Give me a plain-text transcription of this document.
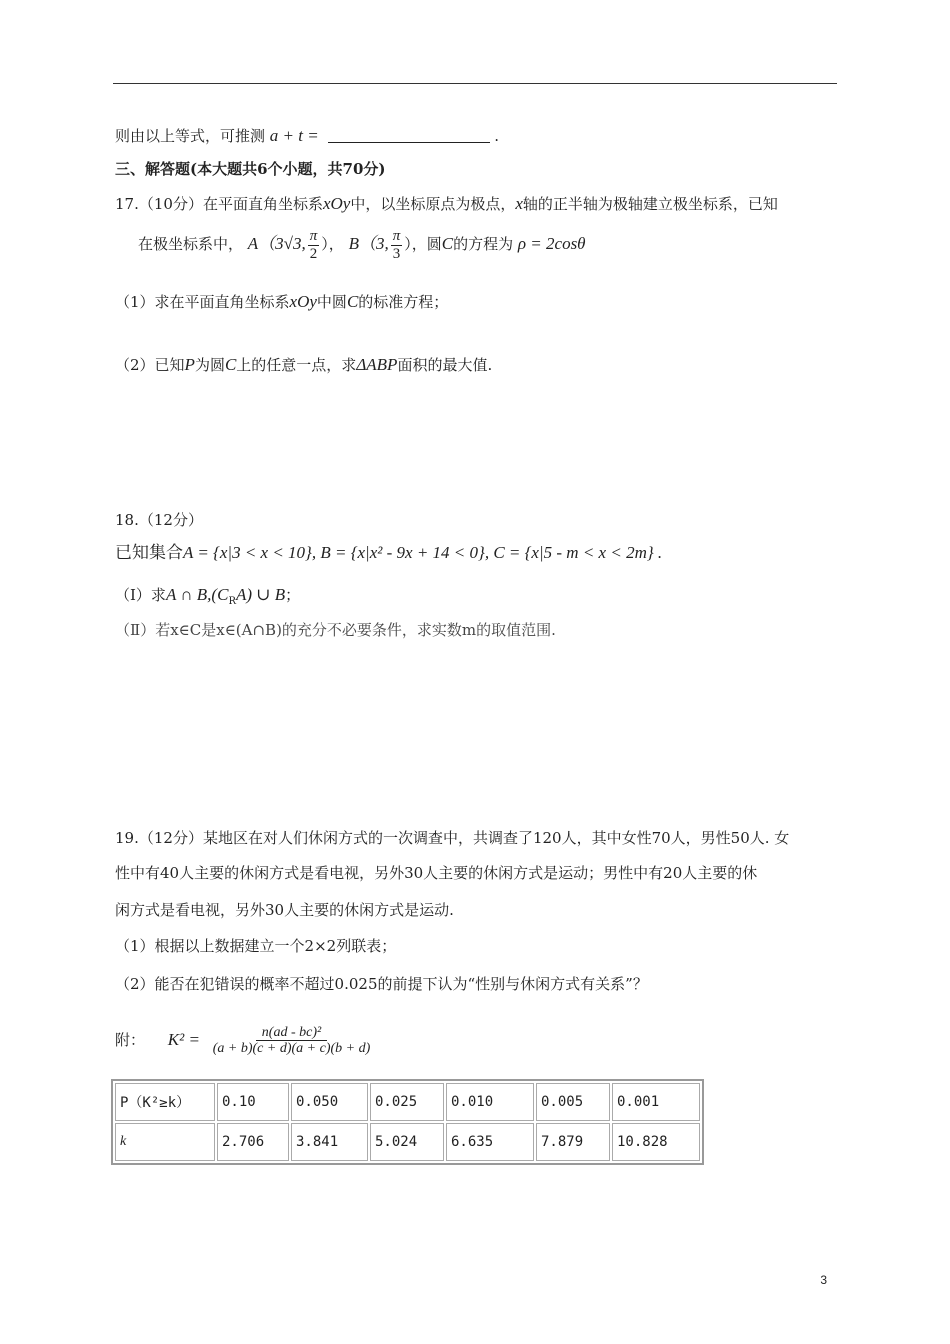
则由以上等式，可推测 a + t =	.
三、解答题(本大题共6个小题，共70分)
17.（10分）在平面直角坐标系xOy中，以坐标原点为极点，x轴的正半轴为极轴建立极坐标系，已知
在极坐标系中， A（3√3, $\frac{\pi}{2}$ ）， B（3, $\frac{\pi}{3}$ ），圆C的方程为 ρ = 2cosθ
（1）求在平面直角坐标系xOy中圆C的标准方程；
（2）已知P为圆C上的任意一点，求ΔABP面积的最大值.
18.（12分）
已知集合A = {x|3 < x < 10}, B = {x|x² - 9x + 14 < 0}, C = {x|5 - m < x < 2m} .
（Ⅰ）求A ∩ $B,(C_RA)$ ∪ B；
（Ⅱ）若x∈C是x∈(A∩B)的充分不必要条件，求实数m的取值范围.
19.（12分）某地区在对人们休闲方式的一次调查中，共调查了120人，其中女性70人，男性50人. 女
性中有40人主要的休闲方式是看电视，另外30人主要的休闲方式是运动；男性中有20人主要的休
闲方式是看电视，另外30人主要的休闲方式是运动.
（1）根据以上数据建立一个2×2列联表；
（2）能否在犯错误的概率不超过0.025的前提下认为“性别与休闲方式有关系”？
附： $K^2 = \frac{\text{n(ad - bc)²}}{(a + b)(c + d)(a + c)(b + d)}$
P（K²≥k）	0.10	0.050	0.025	0.010	0.005	0.001
k	2.706	3.841	5.024	6.635	7.879	10.828
3
